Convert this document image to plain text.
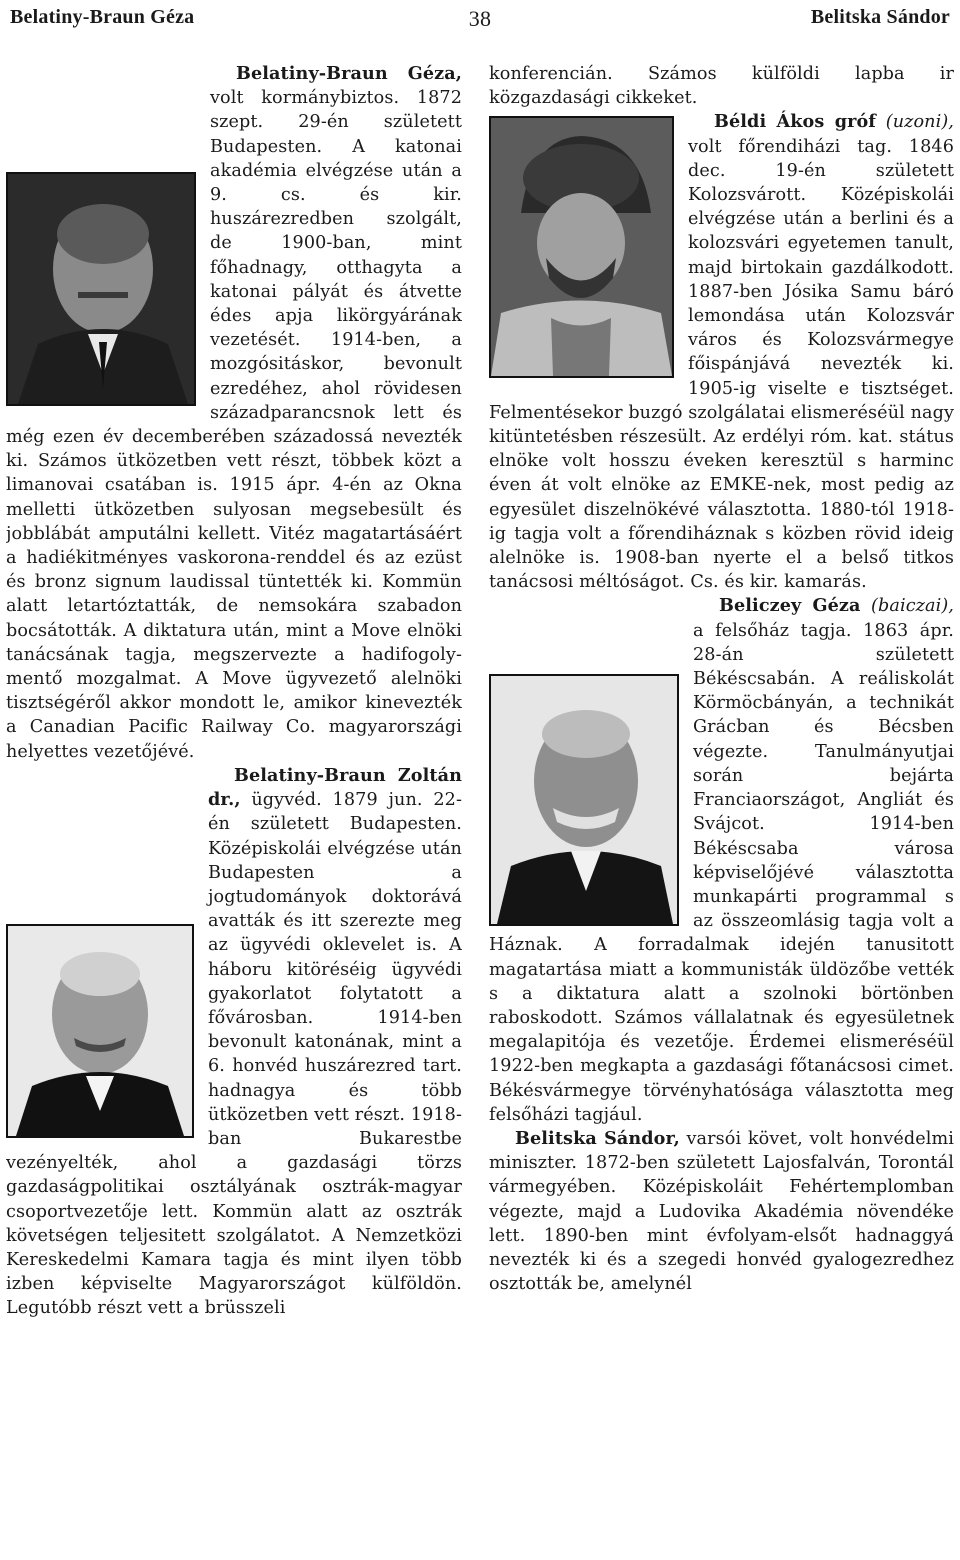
38
Belatiny-Braun Géza	Belitska Sándor

Belatiny-Braun Géza, volt kormánybiztos. 1872 szept. 29-én született Budapesten. A katonai akadémia elvégzése után a 9. cs. és kir. huszárezredben szolgált, de 1900-ban, mint főhadnagy, otthagyta a katonai pályát és átvette édes apja likörgyárának vezetését. 1914-ben, a mozgósitáskor, bevonult ezredéhez, ahol rövidesen századparancsnok lett és még ezen év decemberében századossá nevezték ki. Számos ütközetben vett részt, többek közt a limanovai csatában is. 1915 ápr. 4-én az Okna melletti ütközetben sulyosan megsebesült és jobblábát amputálni kellett. Vitéz magatartásáért a hadiékitményes vaskorona-renddel és az ezüst és bronz signum laudissal tüntették ki. Kommün alatt letartóztatták, de nemsokára szabadon bocsátották. A diktatura után, mint a Move elnöki tanácsának tagja, megszervezte a hadifogoly-mentő mozgalmat. A Move ügyvezető alelnöki tisztségéről akkor mondott le, amikor kinevezték a Canadian Pacific Railway Co. magyarországi helyettes vezetőjévé.

Belatiny-Braun Zoltán dr., ügyvéd. 1879 jun. 22-én született Budapesten. Középiskolái elvégzése után Budapesten a jogtudományok doktorává avatták és itt szerezte meg az ügyvédi oklevelet is. A háboru kitöréséig ügyvédi gyakorlatot folytatott a fővárosban. 1914-ben bevonult katonának, mint a 6. honvéd huszárezred tart. hadnagya és több ütközetben vett részt. 1918-ban Bukarestbe vezényelték, ahol a gazdasági törzs gazdaságpolitikai osztályának osztrák-magyar csoportvezetője lett. Kommün alatt az osztrák követségen teljesitett szolgálatot. A Nemzetközi Kereskedelmi Kamara tagja és mint ilyen több izben képviselte Magyarországot külföldön. Legutóbb részt vett a brüsszeli

konferencián. Számos külföldi lapba ir közgazdasági cikkeket.

Béldi Ákos gróf (uzoni), volt főrendiházi tag. 1846 dec. 19-én született Kolozsvárott. Középiskolái elvégzése után a berlini és a kolozsvári egyetemen tanult, majd birtokain gazdálkodott. 1887-ben Jósika Samu báró lemondása után Kolozsvár város és Kolozsvármegye főispánjává nevezték ki. 1905-ig viselte e tisztséget. Felmentésekor buzgó szolgálatai elismeréséül nagy kitüntetésben részesült. Az erdélyi róm. kat. státus elnöke volt hosszu éveken keresztül s harminc éven át volt elnöke az EMKE-nek, most pedig az egyesület diszelnökévé választotta. 1880-tól 1918-ig tagja volt a főrendiháznak s közben rövid ideig alelnöke is. 1908-ban nyerte el a belső titkos tanácsosi méltóságot. Cs. és kir. kamarás.

Beliczey Géza (baiczai), a felsőház tagja. 1863 ápr. 28-án született Békéscsabán. A reáliskolát Körmöcbányán, a technikát Grácban és Bécsben végezte. Tanulmányutjai során bejárta Franciaországot, Angliát és Svájcot. 1914-ben Békéscsaba városa képviselőjévé választotta munkapárti programmal s az összeomlásig tagja volt a Háznak. A forradalmak idején tanusitott magatartása miatt a kommunisták üldözőbe vették s a diktatura alatt a szolnoki börtönben raboskodott. Számos vállalatnak és egyesületnek megalapitója és vezetője. Érdemei elismeréséül 1922-ben megkapta a gazdasági főtanácsosi cimet. Békésvármegye törvényhatósága választotta meg felsőházi tagjául.

Belitska Sándor, varsói követ, volt honvédelmi miniszter. 1872-ben született Lajosfalván, Torontál vármegyében. Középiskoláit Fehértemplomban végezte, majd a Ludovika Akadémia növendéke lett. 1890-ben mint évfolyam-elsőt hadnaggyá nevezték ki és a szegedi honvéd gyalogezredhez osztották be, amelynél
